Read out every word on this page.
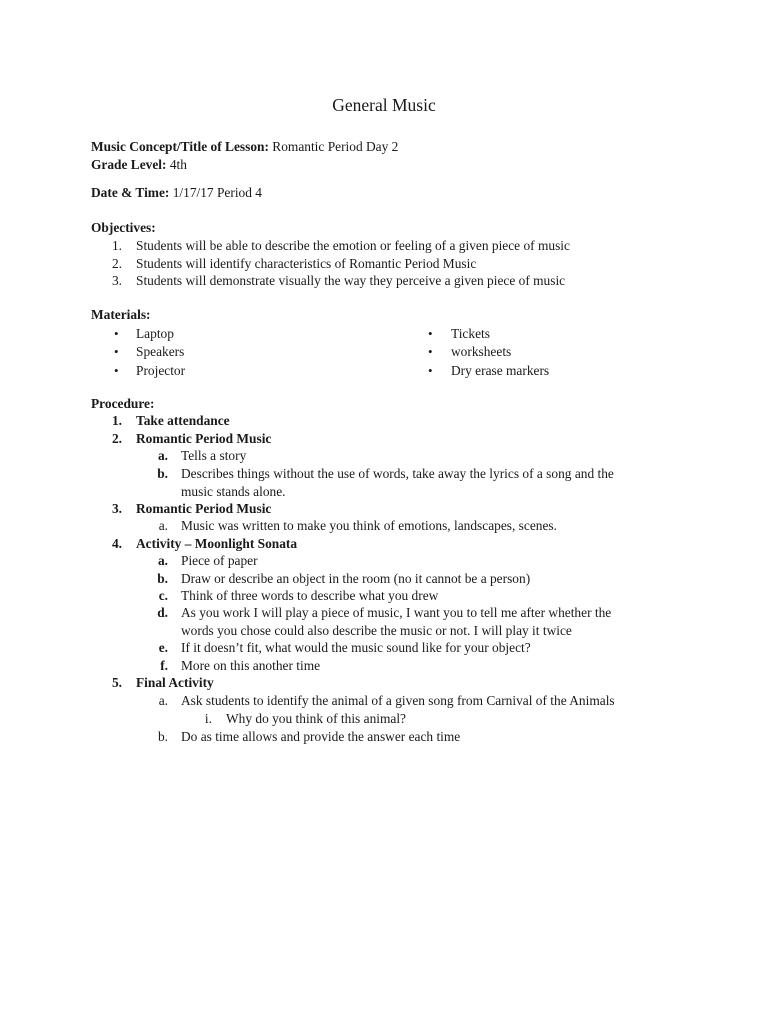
General Music
Music Concept/Title of Lesson: Romantic Period Day 2
Grade Level: 4th
Date & Time: 1/17/17 Period 4
Objectives:
1. Students will be able to describe the emotion or feeling of a given piece of music
2. Students will identify characteristics of Romantic Period Music
3. Students will demonstrate visually the way they perceive a given piece of music
Materials:
• Laptop
• Speakers
• Projector
• Tickets
• worksheets
• Dry erase markers
Procedure:
1. Take attendance
2. Romantic Period Music
a. Tells a story
b. Describes things without the use of words, take away the lyrics of a song and the
music stands alone.
3. Romantic Period Music
a. Music was written to make you think of emotions, landscapes, scenes.
4. Activity – Moonlight Sonata
a. Piece of paper
b. Draw or describe an object in the room (no it cannot be a person)
c. Think of three words to describe what you drew
d. As you work I will play a piece of music, I want you to tell me after whether the
words you chose could also describe the music or not. I will play it twice
e. If it doesn’t fit, what would the music sound like for your object?
f. More on this another time
5. Final Activity
a. Ask students to identify the animal of a given song from Carnival of the Animals
i. Why do you think of this animal?
b. Do as time allows and provide the answer each time
